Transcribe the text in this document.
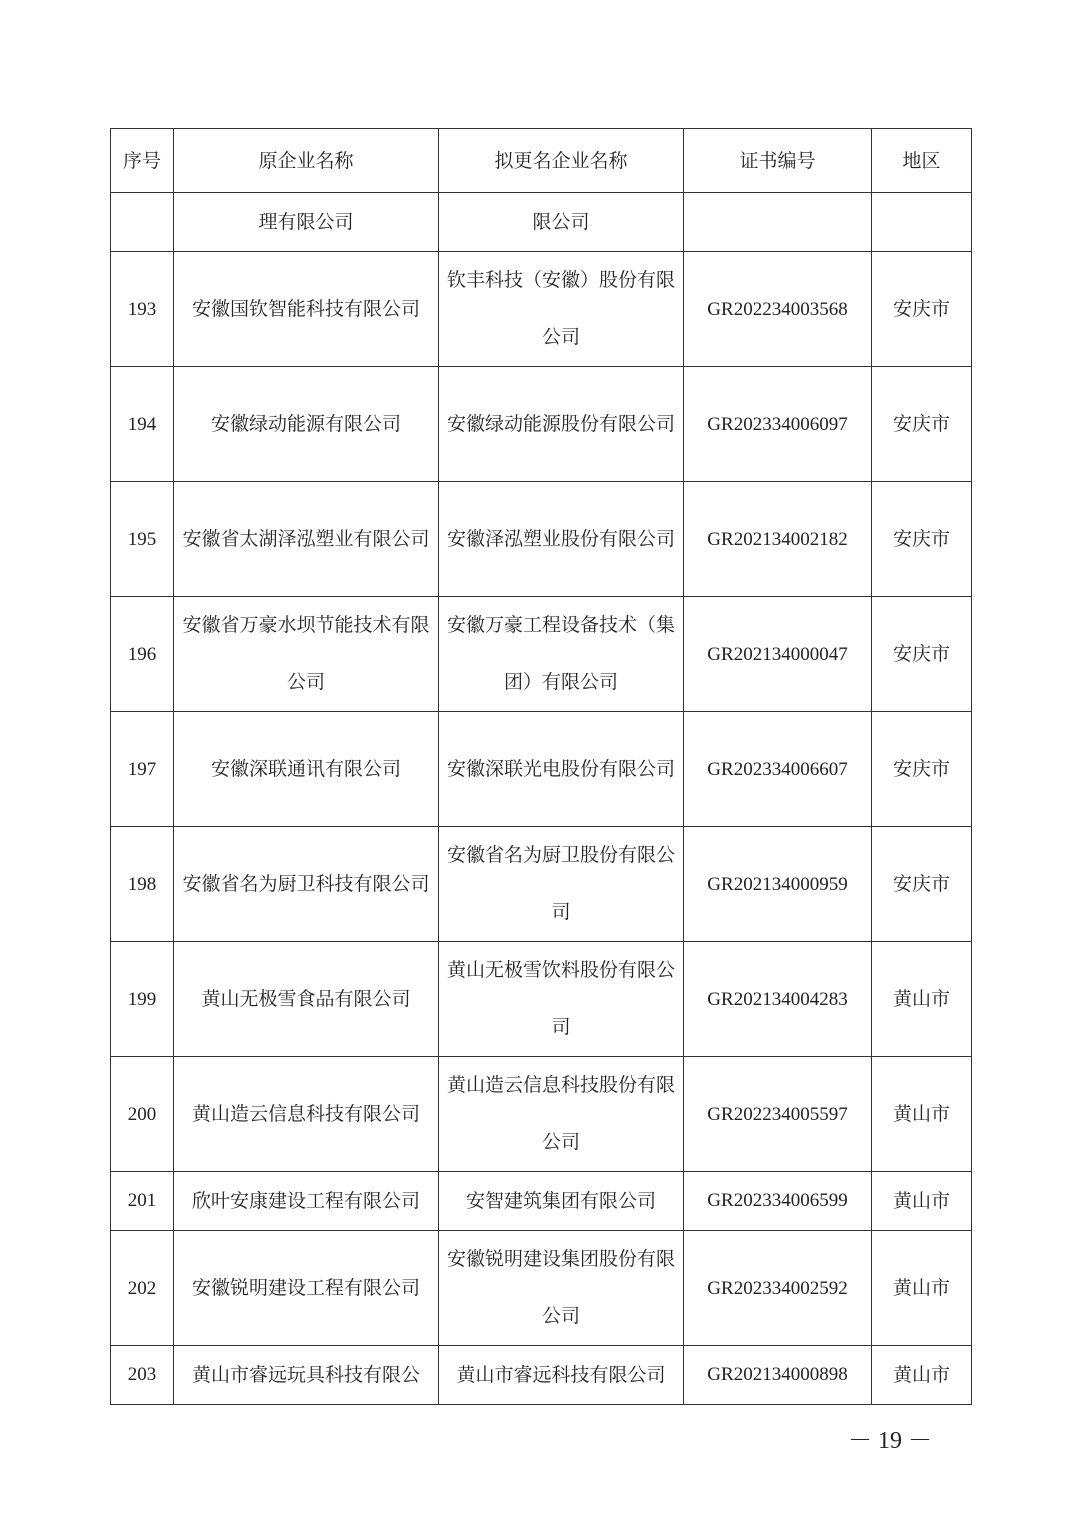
序号	原企业名称	拟更名企业名称	证书编号	地区
	理有限公司	限公司		
193	安徽国钦智能科技有限公司	钦丰科技（安徽）股份有限公司	GR202234003568	安庆市
194	安徽绿动能源有限公司	安徽绿动能源股份有限公司	GR202334006097	安庆市
195	安徽省太湖泽泓塑业有限公司	安徽泽泓塑业股份有限公司	GR202134002182	安庆市
196	安徽省万豪水坝节能技术有限公司	安徽万豪工程设备技术（集团）有限公司	GR202134000047	安庆市
197	安徽深联通讯有限公司	安徽深联光电股份有限公司	GR202334006607	安庆市
198	安徽省名为厨卫科技有限公司	安徽省名为厨卫股份有限公司	GR202134000959	安庆市
199	黄山无极雪食品有限公司	黄山无极雪饮料股份有限公司	GR202134004283	黄山市
200	黄山造云信息科技有限公司	黄山造云信息科技股份有限公司	GR202234005597	黄山市
201	欣叶安康建设工程有限公司	安智建筑集团有限公司	GR202334006599	黄山市
202	安徽锐明建设工程有限公司	安徽锐明建设集团股份有限公司	GR202334002592	黄山市
203	黄山市睿远玩具科技有限公	黄山市睿远科技有限公司	GR202134000898	黄山市
－ 19 －
